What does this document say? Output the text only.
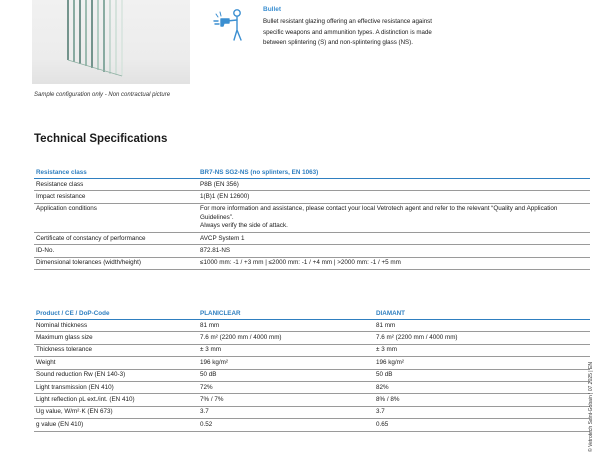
Sample configuration only - Non contractual picture
Bullet
Bullet resistant glazing offering an effective resistance against specific weapons and ammunition types. A distinction is made between splintering (S) and non-splintering glass (NS).
Technical Specifications
Resistance class	BR7-NS SG2-NS (no splinters, EN 1063)
Resistance class	P8B (EN 356)
Impact resistance	1(B)1 (EN 12600)
Application conditions	For more information and assistance, please contact your local Vetrotech agent and refer to the relevant “Quality and Application Guidelines”.
Always verify the side of attack.

Certificate of constancy of performance	AVCP System 1
ID-No.	872.81-NS
Dimensional tolerances (width/height)	≤1000 mm: -1 / +3 mm | ≤2000 mm: -1 / +4 mm | >2000 mm: -1 / +5 mm
Product / CE / DoP-Code	PLANICLEAR	DIAMANT
Nominal thickness	81 mm	81 mm
Maximum glass size	7.6 m² (2200 mm / 4000 mm)	7.6 m² (2200 mm / 4000 mm)
Thickness tolerance	± 3 mm	± 3 mm
Weight	196 kg/m²	196 kg/m²
Sound reduction Rw (EN 140-3)	50 dB	50 dB
Light transmission (EN 410)	72%	82%
Light reflection ρL ext./int. (EN 410)	7% / 7%	8% / 8%
Ug value, W/m²·K (EN 673)	3.7	3.7
g value (EN 410)	0.52	0.65	© Vetrotech Saint-Gobain | 07.2025 | EN
